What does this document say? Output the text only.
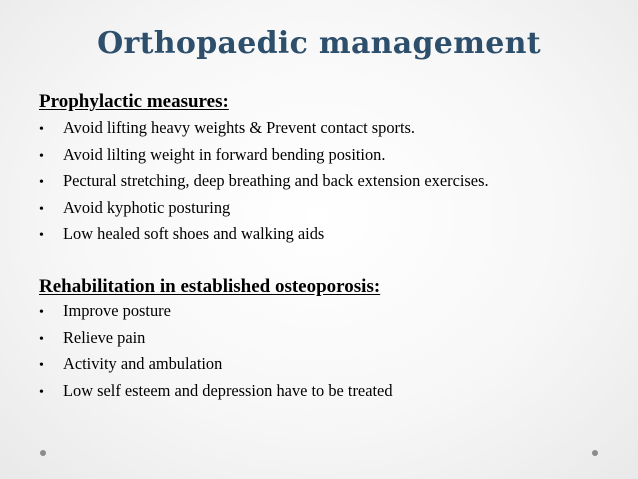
Orthopaedic management
Prophylactic measures:
•	Avoid lifting heavy weights & Prevent contact sports.
•	Avoid lilting weight in forward bending position.
•	Pectural stretching, deep breathing and back extension exercises.
•	Avoid kyphotic posturing
•	Low healed soft shoes and walking aids
Rehabilitation in established osteoporosis:
•	Improve posture
•	Relieve pain
•	Activity and ambulation
•	Low self esteem and depression have to be treated
